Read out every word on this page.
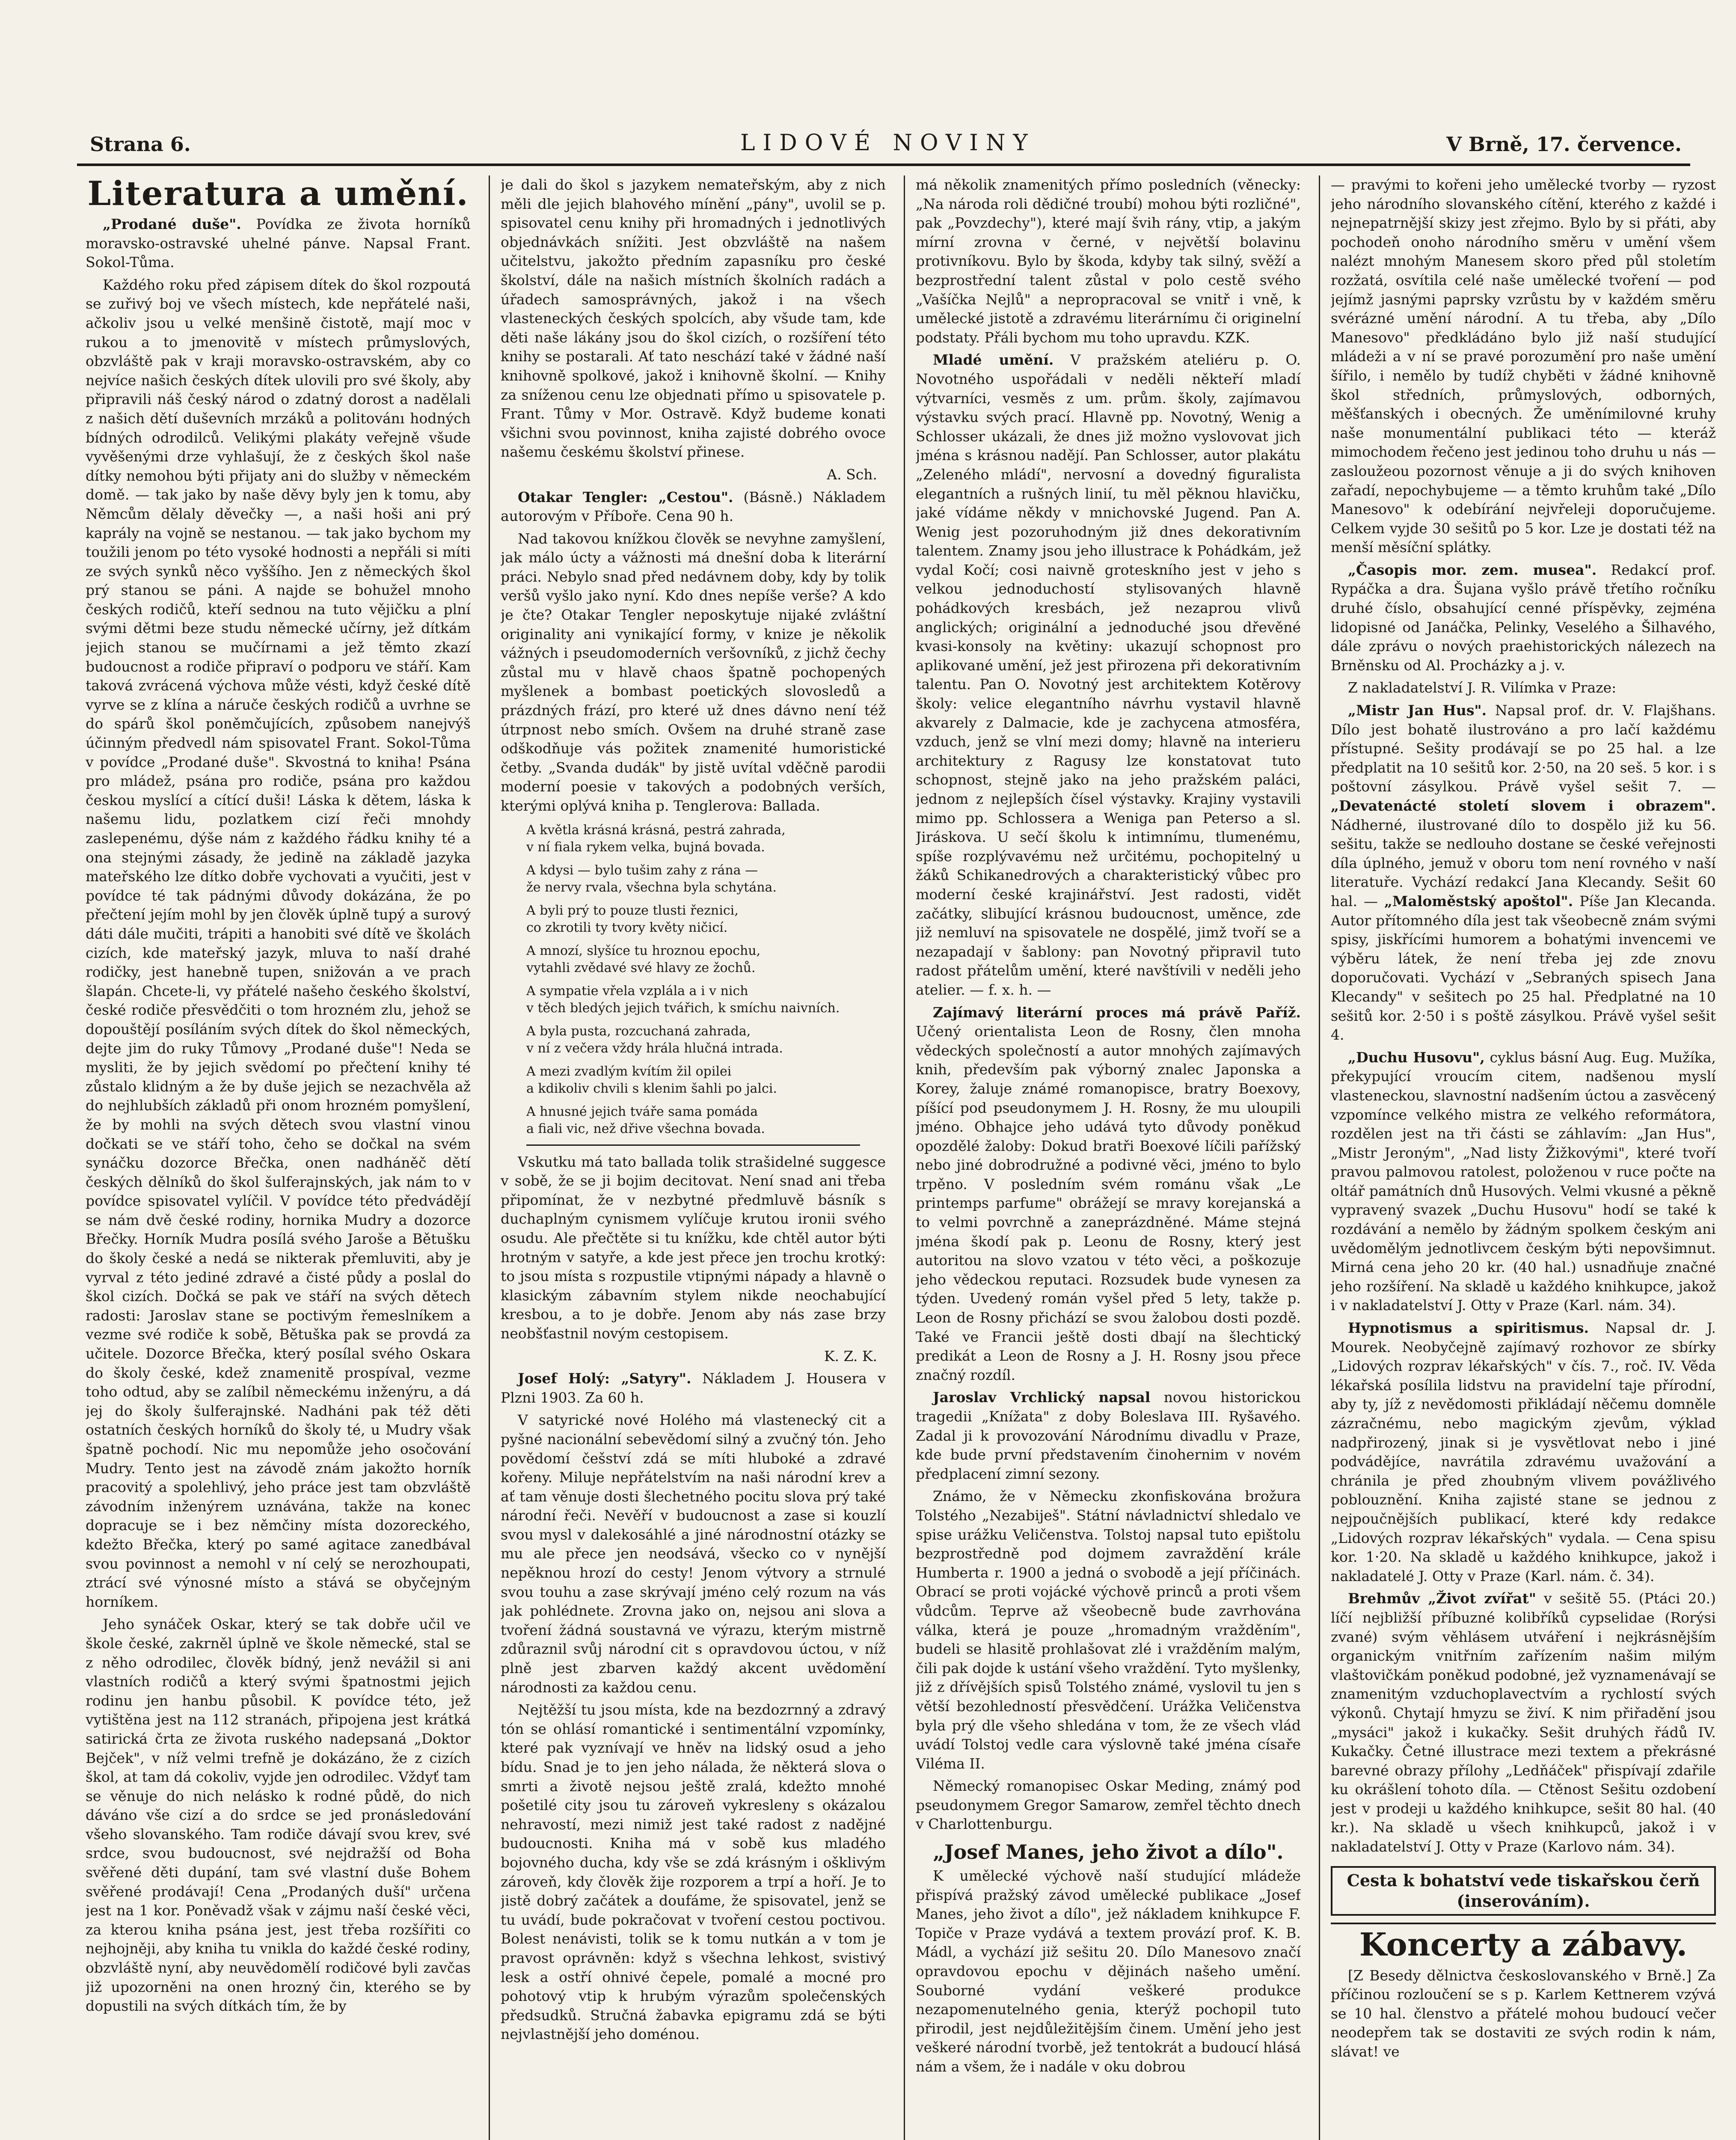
Strana 6.	LIDOVÉ NOVINY	V Brně, 17. července.
Literatura a umění.

„Prodané duše". Povídka ze života horníků moravsko-ostravské uhelné pánve. Napsal Frant. Sokol-Tůma.

Každého roku před zápisem dítek do škol rozpoutá se zuřivý boj ve všech místech, kde nepřátelé naši, ačkoliv jsou u velké menšině čistotě, mají moc v rukou a to jmenovitě v místech průmyslových, obzvláště pak v kraji moravsko-ostravském, aby co nejvíce našich českých dítek ulovili pro své školy, aby připravili náš český národ o zdatný dorost a nadělali z našich dětí duševních mrzáků a politovánı hodných bídných odrodilců. Velikými plakáty veřejně všude vyvěšenými drze vyhlašují, že z českých škol naše dítky nemohou býti přijaty ani do služby v německém domě. — tak jako by naše děvy byly jen k tomu, aby Němcům dělaly děvečky —, a naši hoši ani prý kaprály na vojně se nestanou. — tak jako bychom my toužili jenom po této vysoké hodnosti a nepřáli si míti ze svých synků něco vyššího. Jen z německých škol prý stanou se páni. A najde se bohužel mnoho českých rodičů, kteří sednou na tuto vějičku a plní svými dětmi beze studu německé učírny, jež dítkám jejich stanou se mučírnami a jež těmto zkazí budoucnost a rodiče připraví o podporu ve stáří. Kam taková zvrácená výchova může vésti, když české dítě vyrve se z klína a náruče českých rodičů a uvrhne se do spárů škol poněmčujících, způsobem nanejvýš účinným předvedl nám spisovatel Frant. Sokol-Tůma v povídce „Prodané duše". Skvostná to kniha! Psána pro mládež, psána pro rodiče, psána pro každou českou myslící a cítící duši! Láska k dětem, láska k našemu lidu, pozlatkem cizí řeči mnohdy zaslepenému, dýše nám z každého řádku knihy té a ona stejnými zásady, že jedině na základě jazyka mateřského lze dítko dobře vychovati a vyučiti, jest v povídce té tak pádnými důvody dokázána, že po přečtení jejím mohl by jen člověk úplně tupý a surový dáti dále mučiti, trápiti a hanobiti své dítě ve školách cizích, kde mateřský jazyk, mluva to naší drahé rodičky, jest hanebně tupen, snižován a ve prach šlapán. Chcete-li, vy přátelé našeho českého školství, české rodiče přesvědčiti o tom hrozném zlu, jehož se dopouštějí posíláním svých dítek do škol německých, dejte jim do ruky Tůmovy „Prodané duše"! Neda se mysliti, že by jejich svědomí po přečtení knihy té zůstalo klidným a že by duše jejich se nezachvěla až do nejhlubších základů při onom hrozném pomyšlení, že by mohli na svých dětech svou vlastní vinou dočkati se ve stáří toho, čeho se dočkal na svém synáčku dozorce Břečka, onen nadháněč dětí českých dělníků do škol šulferajnských, jak nám to v povídce spisovatel vylíčil. V povídce této předvádějí se nám dvě české rodiny, hornika Mudry a dozorce Břečky. Horník Mudra posílá svého Jaroše a Bětušku do školy české a nedá se nikterak přemluviti, aby je vyrval z této jediné zdravé a čisté půdy a poslal do škol cizích. Dočká se pak ve stáří na svých dětech radosti: Jaroslav stane se poctivým řemeslníkem a vezme své rodiče k sobě, Bětuška pak se provdá za učitele. Dozorce Břečka, který posílal svého Oskara do školy české, kdež znamenitě prospíval, vezme toho odtud, aby se zalíbil německému inženýru, a dá jej do školy šulferajnské. Nadháni pak též děti ostatních českých horníků do školy té, u Mudry však špatně pochodí. Nic mu nepomůže jeho osočování Mudry. Tento jest na závodě znám jakožto horník pracovitý a spolehlivý, jeho práce jest tam obzvláště závodním inženýrem uznávána, takže na konec dopracuje se i bez němčiny místa dozoreckého, kdežto Břečka, který po samé agitace zanedbával svou povinnost a nemohl v ní celý se nerozhoupati, ztrácí své výnosné místo a stává se obyčejným horníkem.

Jeho synáček Oskar, který se tak dobře učil ve škole české, zakrněl úplně ve škole německé, stal se z něho odrodilec, člověk bídný, jenž nevážil si ani vlastních rodičů a který svými špatnostmi jejich rodinu jen hanbu působil. K povídce této, jež vytištěna jest na 112 stranách, připojena jest krátká satirická črta ze života ruského nadepsaná „Doktor Bejček", v níž velmi trefně je dokázáno, že z cizích škol, at tam dá cokoliv, vyjde jen odrodilec. Vždyť tam se věnuje do nich nelásko k rodné půdě, do nich dáváno vše cizí a do srdce se jed pronásledování všeho slovanského. Tam rodiče dávají svou krev, své srdce, svou budoucnost, své nejdražší od Boha svěřené děti dupání, tam své vlastní duše Bohem svěřené prodávají! Cena „Prodaných duší" určena jest na 1 kor. Poněvadž však v zájmu naší české věci, za kterou kniha psána jest, jest třeba rozšířiti co nejhojněji, aby kniha tu vnikla do každé české rodiny, obzvláště nyní, aby neuvědomělí rodičové byli zavčas již upozorněni na onen hrozný čin, kterého se by dopustili na svých dítkách tím, že by

je dali do škol s jazykem nemateřským, aby z nich měli dle jejich blahového mínění „pány", uvolil se p. spisovatel cenu knihy při hromadných i jednotlivých objednávkách snížiti. Jest obzvláště na našem učitelstvu, jakožto předním zapasníku pro české školství, dále na našich místních školních radách a úřadech samosprávných, jakož i na všech vlasteneckých českých spolcích, aby všude tam, kde děti naše lákány jsou do škol cizích, o rozšíření této knihy se postarali. Ať tato neschází také v žádné naší knihovně spolkové, jakož i knihovně školní. — Knihy za sníženou cenu lze objednati přímo u spisovatele p. Frant. Tůmy v Mor. Ostravě. Když budeme konati všichni svou povinnost, kniha zajisté dobrého ovoce našemu českému školství přinese.

A. Sch.

Otakar Tengler: „Cestou". (Básně.) Nákladem autorovým v Příboře. Cena 90 h.

Nad takovou knížkou člověk se nevyhne zamyšlení, jak málo úcty a vážnosti má dnešní doba k literární práci. Nebylo snad před nedávnem doby, kdy by tolik veršů vyšlo jako nyní. Kdo dnes nepíše verše? A kdo je čte? Otakar Tengler neposkytuje nijaké zvláštní originality ani vynikající formy, v knize je několik vážných i pseudomoderních veršovníků, z jichž čechy zůstal mu v hlavě chaos špatně pochopených myšlenek a bombast poetických slovosledů a prázdných frází, pro které už dnes dávno není též útrpnost nebo smích. Ovšem na druhé straně zase odškodňuje vás požitek znamenité humoristické četby. „Svanda dudák" by jistě uvítal vděčně parodii moderní poesie v takových a podobných verších, kterými oplývá kniha p. Tenglerova: Ballada.

A květla krásná krásná, pestrá zahrada,
v ní fiala rykem velka, bujná bovada.

A kdysi — bylo tušim zahy z rána —
že nervy rvala, všechna byla schytána.

A byli prý to pouze tlusti řeznici,
co zkrotili ty tvory květy ničicí.

A mnozí, slyšíce tu hroznou epochu,
vytahli zvědavé své hlavy ze žochů.

A sympatie vřela vzplála a i v nich
v těch bledých jejich tvářich, k smíchu naivních.

A byla pusta, rozcuchaná zahrada,
v ní z večera vždy hrála hlučná intrada.

A mezi zvadlým kvítím žil opilei
a kdikoliv chvili s klenim šahli po jalci.

A hnusné jejich tváře sama pomáda
a fiali vic, než dřive všechna bovada.

Vskutku má tato ballada tolik strašidelné suggesce v sobě, že se ji bojim decitovat. Není snad ani třeba připomínat, že v nezbytné předmluvě básník s duchaplným cynismem vylíčuje krutou ironii svého osudu. Ale přečtěte si tu knížku, kde chtěl autor býti hrotným v satyře, a kde jest přece jen trochu krotký: to jsou místa s rozpustile vtipnými nápady a hlavně o klasickým zábavním stylem nikde neochabující kresbou, a to je dobře. Jenom aby nás zase brzy neobšťastnil novým cestopisem.

K. Z. K.

Josef Holý: „Satyry". Nákladem J. Housera v Plzni 1903. Za 60 h.

V satyrické nové Holého má vlastenecký cit a pyšné nacionální sebevědomí silný a zvučný tón. Jeho povědomí češství zdá se míti hluboké a zdravé kořeny. Miluje nepřátelstvím na naši národní krev a ať tam věnuje dosti šlechetného pocitu slova prý také národní řeči. Nevěří v budoucnost a zase si kouzlí svou mysl v dalekosáhlé a jiné národnostní otázky se mu ale přece jen neodsává, všecko co v nynější nepěknou hrozí do cesty! Jenom výtvory a strnulé svou touhu a zase skrývají jméno celý rozum na vás jak pohlédnete. Zrovna jako on, nejsou ani slova a tvoření žádná soustavná ve výrazu, kterým mistrně zdůraznil svůj národní cit s opravdovou úctou, v níž plně jest zbarven každý akcent uvědomění národnosti za každou cenu.

Nejtěžší tu jsou místa, kde na bezdozrnný a zdravý tón se ohlásí romantické i sentimentální vzpomínky, které pak vyznívají ve hněv na lidský osud a jeho bídu. Snad je to jen jeho nálada, že některá slova o smrti a životě nejsou ještě zralá, kdežto mnohé pošetilé city jsou tu zároveň vykresleny s okázalou nehravostí, mezi nimiž jest také radost z nadějné budoucnosti. Kniha má v sobě kus mladého bojovného ducha, kdy vše se zdá krásným i ošklivým zároveň, kdy člověk žije rozporem a trpí a hoří. Je to jistě dobrý začátek a doufáme, že spisovatel, jenž se tu uvádí, bude pokračovat v tvoření cestou poctivou. Bolest nenávisti, tolik se k tomu nutkán a v tom je pravost oprávněn: když s všechna lehkost, svistivý lesk a ostří ohnivé čepele, pomalé a mocné pro pohotový vtip k hrubým výrazům společenských předsudků. Stručná žabavka epigramu zdá se býti nejvlastnější jeho doménou.

má několik znamenitých přímo posledních (věnecky: „Na národa roli dědičné troubí) mohou býti rozličné", pak „Povzdechy"), které mají švih rány, vtip, a jakým mírní zrovna v černé, v největší bolavinu protivníkovu. Bylo by škoda, kdyby tak silný, svěží a bezprostřední talent zůstal v polo cestě svého „Vašíčka Nejlů" a nepropracoval se vnitř i vně, k umělecké jistotě a zdravému literárnímu či originelní podstaty. Přáli bychom mu toho upravdu. KZK.

Mladé umění. V pražském ateliéru p. O. Novotného uspořádali v neděli někteří mladí výtvarníci, vesměs z um. prům. školy, zajímavou výstavku svých prací. Hlavně pp. Novotný, Wenig a Schlosser ukázali, že dnes již možno vyslovovat jich jména s krásnou nadějí. Pan Schlosser, autor plakátu „Zeleného mládí", nervosní a dovedný figuralista elegantních a rušných linií, tu měl pěknou hlavičku, jaké vídáme někdy v mnichovské Jugend. Pan A. Wenig jest pozoruhodným již dnes dekorativním talentem. Znamy jsou jeho illustrace k Pohádkám, jež vydal Kočí; cosi naivně groteskního jest v jeho s velkou jednoduchostí stylisovaných hlavně pohádkových kresbách, jež nezaprou vlivů anglických; originální a jednoduché jsou dřevěné kvasi-konsoly na květiny: ukazují schopnost pro aplikované umění, jež jest přirozena při dekorativním talentu. Pan O. Novotný jest architektem Kotěrovy školy: velice elegantního návrhu vystavil hlavně akvarely z Dalmacie, kde je zachycena atmosféra, vzduch, jenž se vlní mezi domy; hlavně na interieru architektury z Ragusy lze konstatovat tuto schopnost, stejně jako na jeho pražském paláci, jednom z nejlepších čísel výstavky. Krajiny vystavili mimo pp. Schlossera a Weniga pan Peterso a sl. Jiráskova. U sečí školu k intimnímu, tlumenému, spíše rozplývavému než určitému, pochopitelný u žáků Schikanedrových a charakteristický vůbec pro moderní české krajinářství. Jest radosti, vidět začátky, slibující krásnou budoucnost, uměnce, zde již nemluví na spisovatele ne dospělé, jimž tvoří se a nezapadají v šablony: pan Novotný připravil tuto radost přátelům umění, které navštívili v neděli jeho atelier. — f. x. h. —

Zajímavý literární proces má právě Paříž. Učený orientalista Leon de Rosny, člen mnoha vědeckých společností a autor mnohých zajímavých knih, především pak výborný znalec Japonska a Korey, žaluje známé romanopisce, bratry Boexovy, píšící pod pseudonymem J. H. Rosny, že mu uloupili jméno. Obhajce jeho udává tyto důvody poněkud opozdělé žaloby: Dokud bratři Boexové líčili pařížský nebo jiné dobrodružné a podivné věci, jméno to bylo trpěno. V posledním svém románu však „Le printemps parfume" obrážejí se mravy korejanská a to velmi povrchně a zaneprázdněné. Máme stejná jména škodí pak p. Leonu de Rosny, který jest autoritou na slovo vzatou v této věci, a poškozuje jeho vědeckou reputaci. Rozsudek bude vynesen za týden. Uvedený román vyšel před 5 lety, takže p. Leon de Rosny přichází se svou žalobou dosti pozdě. Také ve Francii ještě dosti dbají na šlechtický predikát a Leon de Rosny a J. H. Rosny jsou přece značný rozdíl.

Jaroslav Vrchlický napsal novou historickou tragedii „Knížata" z doby Boleslava III. Ryšavého. Zadal ji k provozování Národnímu divadlu v Praze, kde bude první představením činohernim v novém předplacení zimní sezony.

Známo, že v Německu zkonfiskována brožura Tolstého „Nezabiješ". Státní návladnictví shledalo ve spise urážku Veličenstva. Tolstoj napsal tuto epištolu bezprostředně pod dojmem zavraždění krále Humberta r. 1900 a jedná o svobodě a její příčinách. Obrací se proti vojácké výchově princů a proti všem vůdcům. Teprve až všeobecně bude zavrhována válka, která je pouze „hromadným vražděním", budeli se hlasitě prohlašovat zlé i vražděním malým, čili pak dojde k ustání všeho vraždění. Tyto myšlenky, již z dřívějších spisů Tolstého známé, vyslovil tu jen s větší bezohledností přesvědčení. Urážka Veličenstva byla prý dle všeho shledána v tom, že ze všech vlád uvádí Tolstoj vedle cara výslovně také jména císaře Viléma II.

Německý romanopisec Oskar Meding, známý pod pseudonymem Gregor Samarow, zemřel těchto dnech v Charlottenburgu.

„Josef Manes, jeho život a dílo".

K umělecké výchově naší studující mládeže přispívá pražský závod umělecké publikace „Josef Manes, jeho život a dílo", jež nákladem knihkupce F. Topiče v Praze vydává a textem provází prof. K. B. Mádl, a vychází již sešitu 20. Dílo Manesovo značí opravdovou epochu v dějinách našeho umění. Souborné vydání veškeré produkce nezapomenutelného genia, kterýž pochopil tuto přirodil, jest nejdůležitějším činem. Umění jeho jest veškeré národní tvorbě, jež tentokrát a budoucí hlásá nám a všem, že i nadále v oku dobrou

— pravými to kořeni jeho umělecké tvorby — ryzost jeho národního slovanského cítění, kterého z každé i nejnepatrnější skizy jest zřejmo. Bylo by si přáti, aby pochodeň onoho národního směru v umění všem nalézt mnohým Manesem skoro před půl stoletím rozžatá, osvítila celé naše umělecké tvoření — pod jejímž jasnými paprsky vzrůstu by v každém směru svérázné umění národní. A tu třeba, aby „Dílo Manesovo" předkládáno bylo již naší studující mládeži a v ní se pravé porozumění pro naše umění šířilo, i nemělo by tudíž chyběti v žádné knihovně škol středních, průmyslových, odborných, měšťanských i obecných. Že uměnímilovné kruhy naše monumentální publikaci této — kteráž mimochodem řečeno jest jedinou toho druhu u nás — zasloužeou pozornost věnuje a ji do svých knihoven zařadí, nepochybujeme — a těmto kruhům také „Dílo Manesovo" k odebírání nejvřeleji doporučujeme. Celkem vyjde 30 sešitů po 5 kor. Lze je dostati též na menší měsíční splátky.

„Časopis mor. zem. musea". Redakcí prof. Rypáčka a dra. Šujana vyšlo právě třetího ročníku druhé číslo, obsahující cenné příspěvky, zejména lidopisné od Janáčka, Pelinky, Veselého a Šilhavého, dále zprávu o nových praehistorických nálezech na Brněnsku od Al. Procházky a j. v.

Z nakladatelství J. R. Vilímka v Praze:

„Mistr Jan Hus". Napsal prof. dr. V. Flajšhans. Dílo jest bohatě ilustrováno a pro lačí každému přístupné. Sešity prodávají se po 25 hal. a lze předplatit na 10 sešitů kor. 2·50, na 20 seš. 5 kor. i s poštovní zásylkou. Právě vyšel sešit 7. — „Devatenácté století slovem i obrazem". Nádherné, ilustrované dílo to dospělo již ku 56. sešitu, takže se nedlouho dostane se české veřejnosti díla úplného, jemuž v oboru tom není rovného v naší literatuře. Vychází redakcí Jana Klecandy. Sešit 60 hal. — „Maloměstský apoštol". Píše Jan Klecanda. Autor přítomného díla jest tak všeobecně znám svými spisy, jiskřícími humorem a bohatými invencemi ve výběru látek, že není třeba jej zde znovu doporučovati. Vychází v „Sebraných spisech Jana Klecandy" v sešitech po 25 hal. Předplatné na 10 sešitů kor. 2·50 i s poště zásylkou. Právě vyšel sešit 4.

„Duchu Husovu", cyklus básní Aug. Eug. Mužíka, překypující vroucím citem, nadšenou myslí vlasteneckou, slavnostní nadšením úctou a zasvěcený vzpomínce velkého mistra ze velkého reformátora, rozdělen jest na tři části se záhlavím: „Jan Hus", „Mistr Jeroným", „Nad listy Žižkovými", které tvoří pravou palmovou ratolest, položenou v ruce počte na oltář památních dnů Husových. Velmi vkusné a pěkně vypravený svazek „Duchu Husovu" hodí se také k rozdávání a nemělo by žádným spolkem českým ani uvědomělým jednotlivcem českým býti nepovšimnut. Mirná cena jeho 20 kr. (40 hal.) usnadňuje značné jeho rozšíření. Na skladě u každého knihkupce, jakož i v nakladatelství J. Otty v Praze (Karl. nám. 34).

Hypnotismus a spiritismus. Napsal dr. J. Mourek. Neobyčejně zajímavý rozhovor ze sbírky „Lidových rozprav lékařských" v čís. 7., roč. IV. Věda lékařská posílila lidstvu na pravidelní taje přírodní, aby ty, jíž z nevědomosti přikládají něčemu domněle zázračnému, nebo magickým zjevům, výklad nadpřirozený, jinak si je vysvětlovat nebo i jiné podvádějíce, navrátila zdravému uvažování a chránila je před zhoubným vlivem povážlivého poblouznění. Kniha zajisté stane se jednou z nejpoučnějších publikací, které kdy redakce „Lidových rozprav lékařských" vydala. — Cena spisu kor. 1·20. Na skladě u každého knihkupce, jakož i nakladatelé J. Otty v Praze (Karl. nám. č. 34).

Brehmův „Život zvířat" v sešitě 55. (Ptáci 20.) líčí nejbližší příbuzné kolibříků cypselidae (Rorýsi zvané) svým věhlásem utváření i nejkrásnějším organickým vnitřním zařízením našim milým vlaštovičkám poněkud podobné, jež vyznamenávají se znamenitým vzduchoplavectvím a rychlostí svých výkonů. Chytají hmyzu se živí. K nim přiřadění jsou „mysáci" jakož i kukačky. Sešit druhých řádů IV. Kukačky. Četné illustrace mezi textem a překrásné barevné obrazy přílohy „Ledňáček" přispívají zdařile ku okrášlení tohoto díla. — Ctěnost Sešitu ozdobení jest v prodeji u každého knihkupce, sešit 80 hal. (40 kr.). Na skladě u všech knihkupců, jakož i v nakladatelství J. Otty v Praze (Karlovo nám. 34).

Cesta k bohatství vede tiskařskou čerň (inserováním).
Koncerty a zábavy.

[Z Besedy dělnictva českoslovanského v Brně.] Za příčinou rozloučení se s p. Karlem Kettnerem vzývá se 10 hal. členstvo a přátelé mohou budoucí večer neodepřem tak se dostaviti ze svých rodin k nám, slávat! ve
